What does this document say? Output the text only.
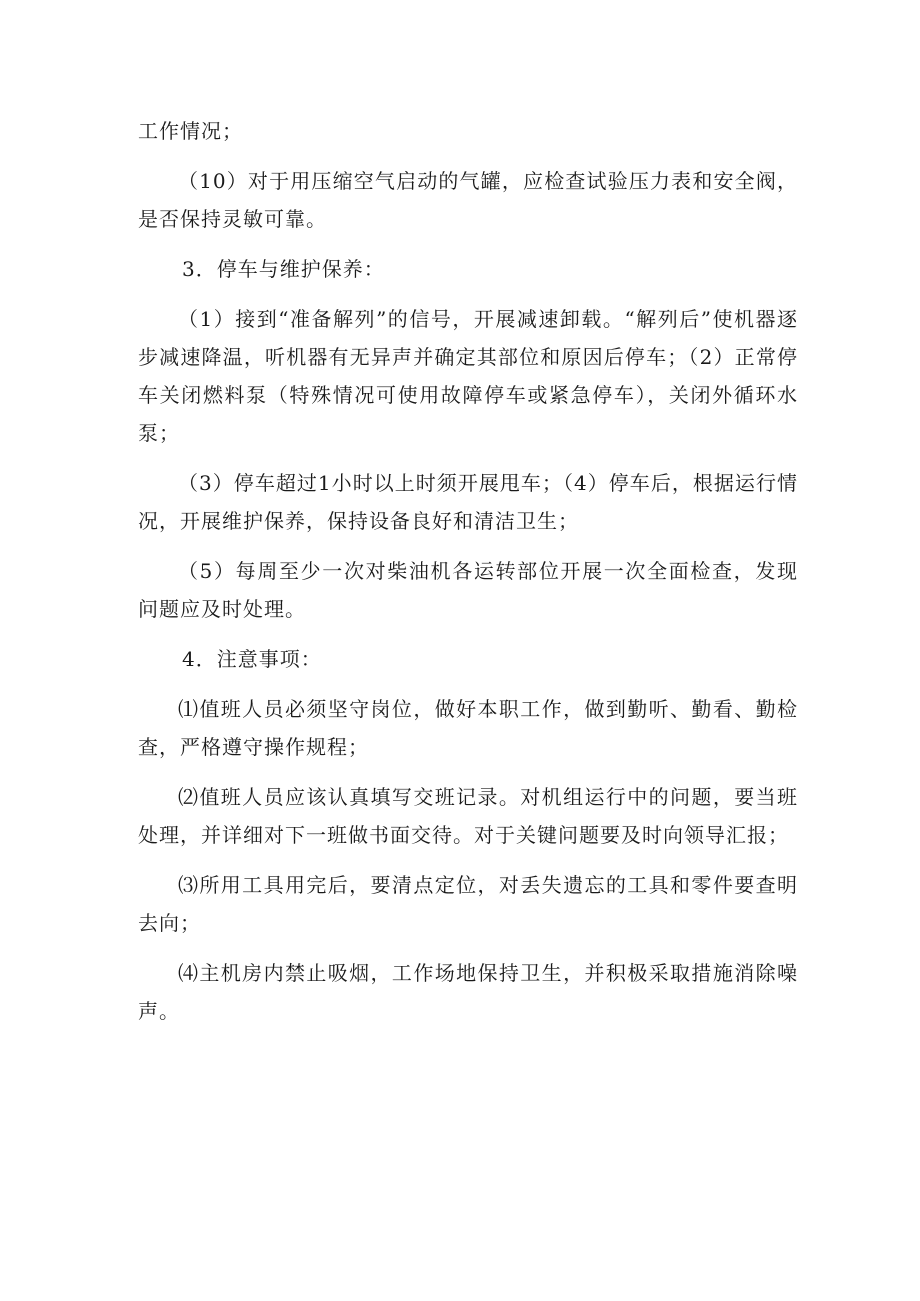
工作情况；

（10）对于用压缩空气启动的气罐，应检查试验压力表和安全阀，是否保持灵敏可靠。

3．停车与维护保养：

（1）接到“准备解列”的信号，开展减速卸载。“解列后”使机器逐步减速降温，听机器有无异声并确定其部位和原因后停车；（2）正常停车关闭燃料泵（特殊情况可使用故障停车或紧急停车），关闭外循环水泵；

（3）停车超过1小时以上时须开展甩车；（4）停车后，根据运行情况，开展维护保养，保持设备良好和清洁卫生；

（5）每周至少一次对柴油机各运转部位开展一次全面检查，发现问题应及时处理。

4．注意事项：

⑴值班人员必须坚守岗位，做好本职工作，做到勤听、勤看、勤检查，严格遵守操作规程；

⑵值班人员应该认真填写交班记录。对机组运行中的问题，要当班处理，并详细对下一班做书面交待。对于关键问题要及时向领导汇报；

⑶所用工具用完后，要清点定位，对丢失遗忘的工具和零件要查明去向；

⑷主机房内禁止吸烟，工作场地保持卫生，并积极采取措施消除噪声。
